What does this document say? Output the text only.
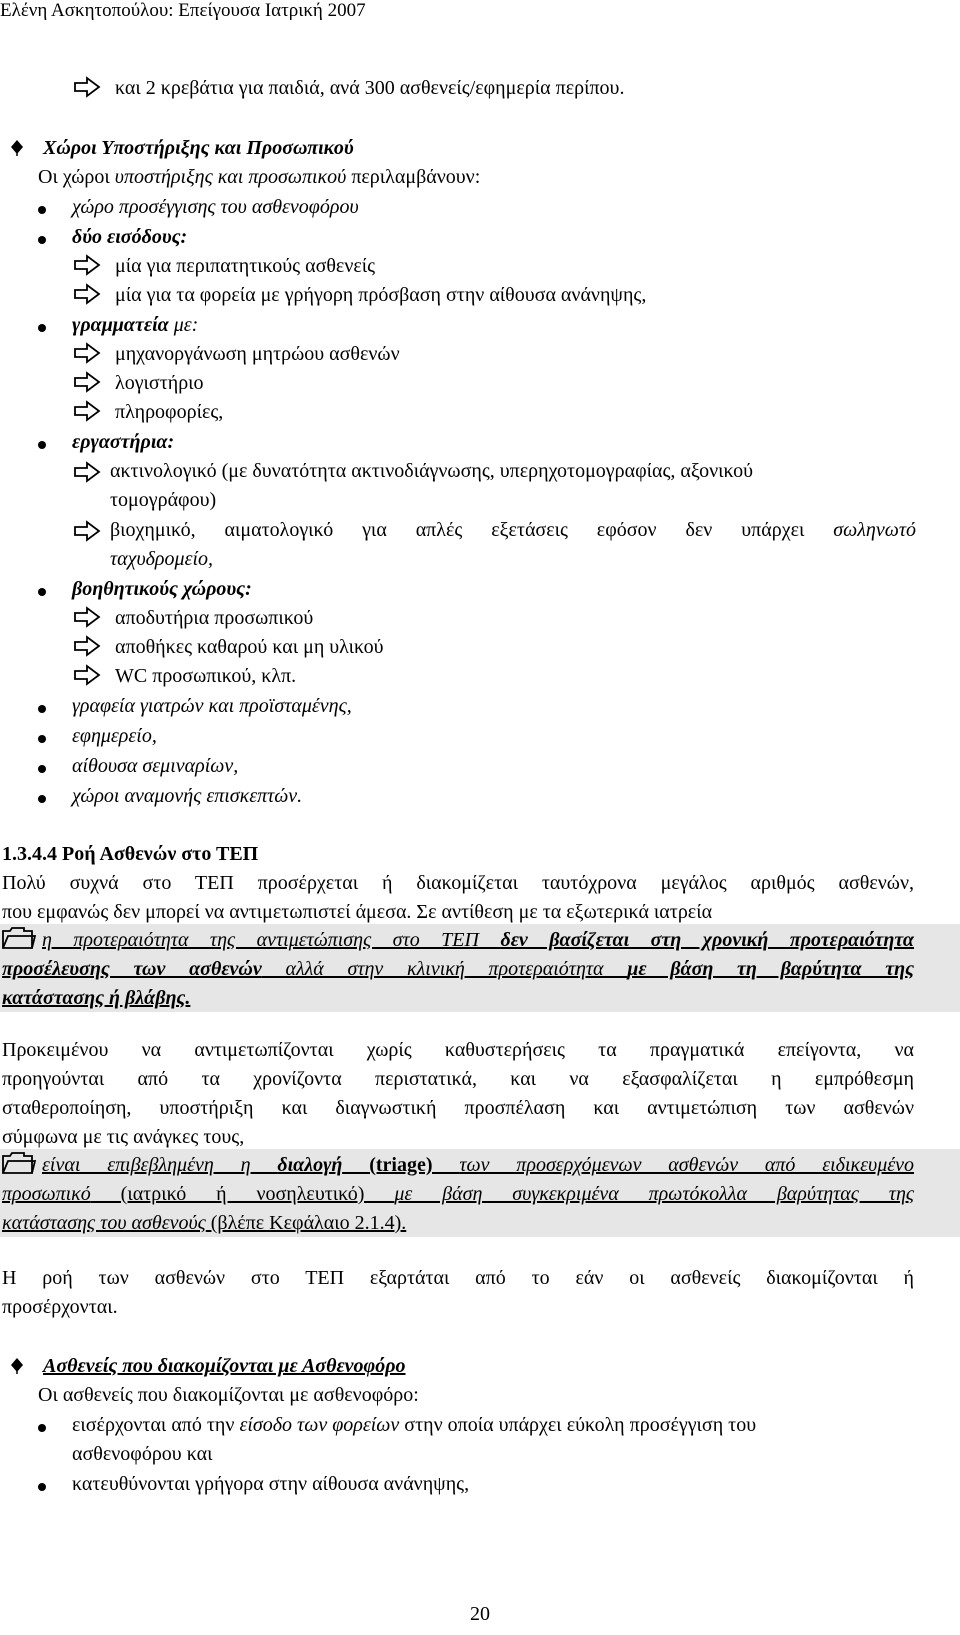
Ελένη Ασκητοπούλου: Επείγουσα Ιατρική 2007
και 2 κρεβάτια για παιδιά, ανά 300 ασθενείς/εφημερία περίπου.
Χώροι Υποστήριξης και Προσωπικού
Οι χώροι υποστήριξης και προσωπικού περιλαμβάνουν:
χώρο προσέγγισης του ασθενοφόρου
δύο εισόδους:
μία για περιπατητικούς ασθενείς
μία για τα φορεία με γρήγορη πρόσβαση στην αίθουσα ανάνηψης,
γραμματεία με:
μηχανοργάνωση μητρώου ασθενών
λογιστήριο
πληροφορίες,
εργαστήρια:
ακτινολογικό (με δυνατότητα ακτινοδιάγνωσης, υπερηχοτομογραφίας, αξονικού
τομογράφου)
βιοχημικό, αιματολογικό για απλές εξετάσεις εφόσον δεν υπάρχει σωληνωτό
ταχυδρομείο,
βοηθητικούς χώρους:
αποδυτήρια προσωπικού
αποθήκες καθαρού και μη υλικού
WC προσωπικού, κλπ.
γραφεία γιατρών και προϊσταμένης,
εφημερείο,
αίθουσα σεμιναρίων,
χώροι αναμονής επισκεπτών.
1.3.4.4 Ροή Ασθενών στο ΤΕΠ
Πολύ συχνά στο ΤΕΠ προσέρχεται ή διακομίζεται ταυτόχρονα μεγάλος αριθμός ασθενών,
που εμφανώς δεν μπορεί να αντιμετωπιστεί άμεσα. Σε αντίθεση με τα εξωτερικά ιατρεία
η προτεραιότητα της αντιμετώπισης στο ΤΕΠ δεν βασίζεται στη χρονική προτεραιότητα
προσέλευσης των ασθενών αλλά στην κλινική προτεραιότητα με βάση τη βαρύτητα της
κατάστασης ή βλάβης.
Προκειμένου να αντιμετωπίζονται χωρίς καθυστερήσεις τα πραγματικά επείγοντα, να
προηγούνται από τα χρονίζοντα περιστατικά, και να εξασφαλίζεται η εμπρόθεσμη
σταθεροποίηση, υποστήριξη και διαγνωστική προσπέλαση και αντιμετώπιση των ασθενών
σύμφωνα με τις ανάγκες τους,
είναι επιβεβλημένη η διαλογή (triage) των προσερχόμενων ασθενών από ειδικευμένο
προσωπικό (ιατρικό ή νοσηλευτικό) με βάση συγκεκριμένα πρωτόκολλα βαρύτητας της
κατάστασης του ασθενούς (βλέπε Κεφάλαιο 2.1.4).
Η ροή των ασθενών στο ΤΕΠ εξαρτάται από το εάν οι ασθενείς διακομίζονται ή
προσέρχονται.
Ασθενείς που διακομίζονται με Ασθενοφόρο
Οι ασθενείς που διακομίζονται με ασθενοφόρο:
εισέρχονται από την είσοδο των φορείων στην οποία υπάρχει εύκολη προσέγγιση του
ασθενοφόρου και
κατευθύνονται γρήγορα στην αίθουσα ανάνηψης,
20
